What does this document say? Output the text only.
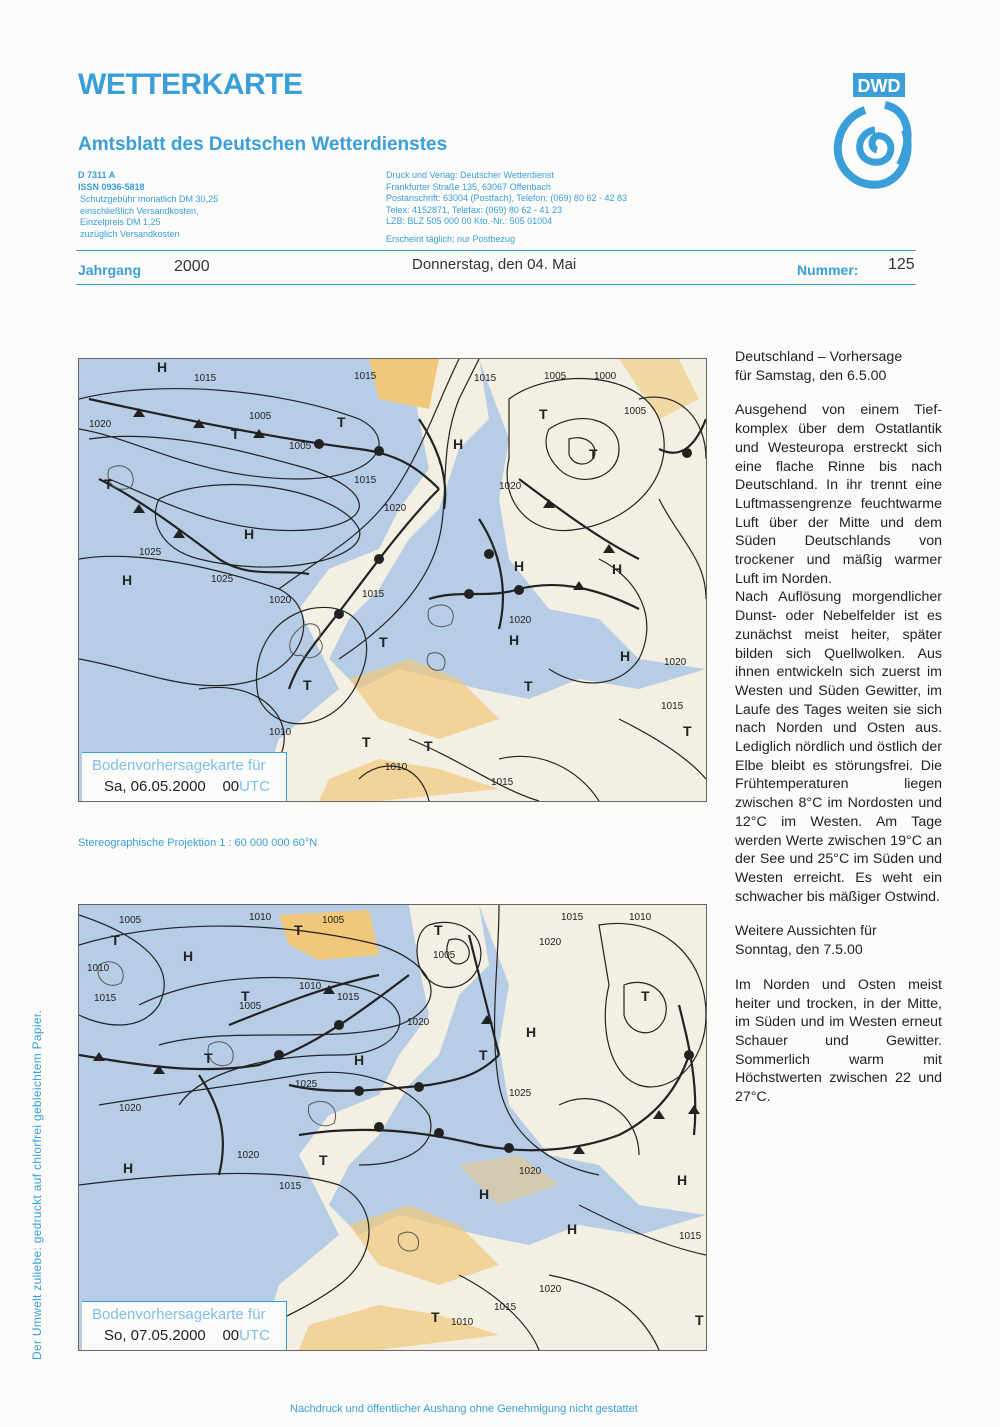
WETTERKARTE
Amtsblatt des Deutschen Wetterdienstes
D 7311 A
ISSN 0936-5818
Schutzgebühr monatlich DM 30,25
einschließlich Versandkosten,
Einzelpreis DM 1,25
zuzüglich Versandkosten
Druck und Verlag: Deutscher Wetterdienst
Frankfurter Straße 135, 63067 Offenbach
Postanschrift: 63004 (Postfach), Telefon: (069) 80 62 - 42 83
Telex: 4152871, Telefax: (069) 80 62 - 41 23
LZB: BLZ 505 000 00 Kto.-Nr.: 505 01004
Erscheint täglich; nur Postbezug
DWD
Jahrgang 2000	Donnerstag, den 04. Mai	Nummer: 125
1015	1015	1005	1000
1005
1020
1005
1005
1015
1020
1020
1025
1025
1020
1015
1020
1020
1015
1010
1010
1015
1015
H
H
H
H
H	H
H
H
T
T
T	T
T
T
T	T
T	T
T
Bodenvorhersagekarte für
Sa, 06.05.2000 00UTC
Stereographische Projektion 1 : 60 000 000 60°N
1005	1010	1005
1015
1010
1020
1010
1015
1010
1015
1020
1005
1005
1025
1020
1020
1025
1020
1015
1020
1015
1015
1010
H
H
H
H
H
H
H
T
T
T
T
T
T
T
T
T	T
Bodenvorhersagekarte für
So, 07.05.2000 00UTC

Deutschland – Vorhersage
für Samstag, den 6.5.00

Ausgehend von einem Tiefkomplex über dem Ostatlantik und Westeuropa erstreckt sich eine flache Rinne bis nach Deutschland. In ihr trennt eine Luftmassengrenze feuchtwarme Luft über der Mitte und dem Süden Deutschlands von trockener und mäßig warmer Luft im Norden.

Nach Auflösung morgendlicher Dunst- oder Nebelfelder ist es zunächst meist heiter, später bilden sich Quellwolken. Aus ihnen entwickeln sich zuerst im Westen und Süden Gewitter, im Laufe des Tages weiten sie sich nach Norden und Osten aus. Lediglich nördlich und östlich der Elbe bleibt es störungsfrei. Die Frühtemperaturen liegen zwischen 8°C im Nordosten und 12°C im Westen. Am Tage werden Werte zwischen 19°C an der See und 25°C im Süden und Westen erreicht. Es weht ein schwacher bis mäßiger Ostwind.

Weitere Aussichten für
Sonntag, den 7.5.00

Im Norden und Osten meist heiter und trocken, in der Mitte, im Süden und im Westen erneut Schauer und Gewitter. Sommerlich warm mit Höchstwerten zwischen 22 und 27°C.

Der Umwelt zuliebe: gedruckt auf chlorfrei gebleichtem Papier.
Nachdruck und öffentlicher Aushang ohne Genehmigung nicht gestattet
